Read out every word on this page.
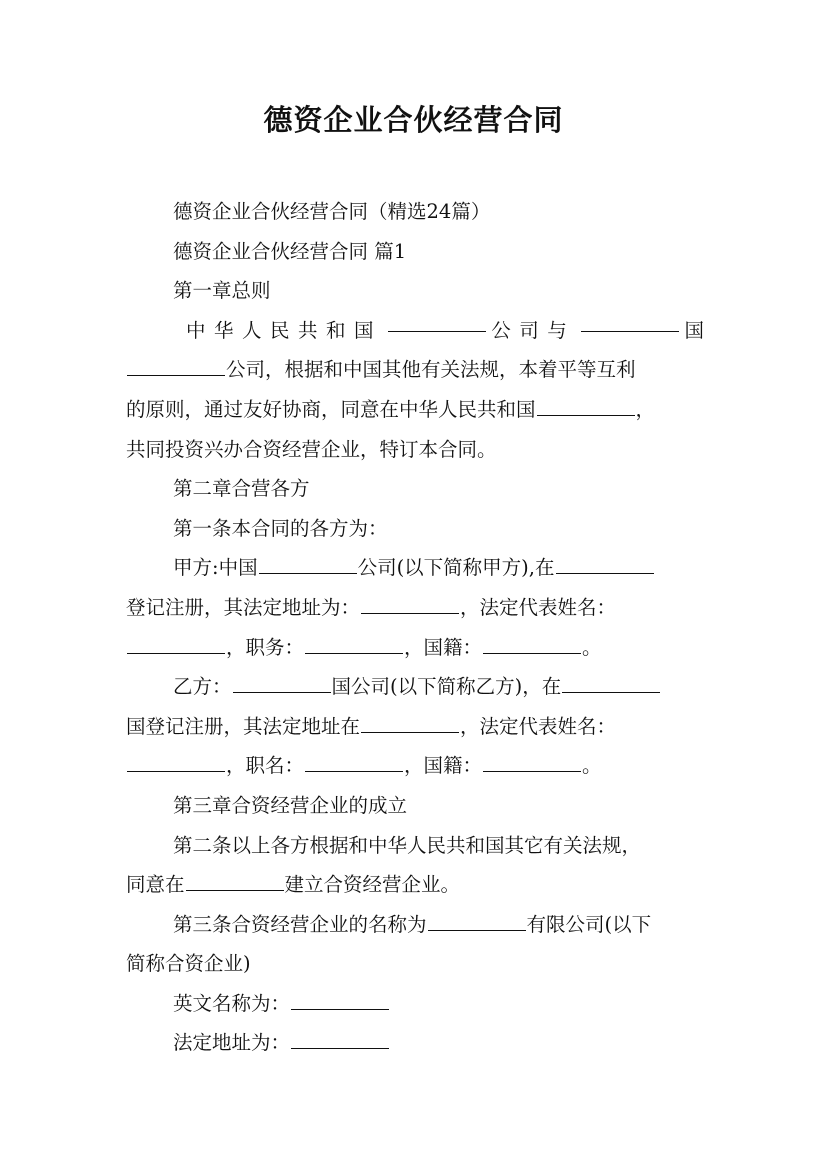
德资企业合伙经营合同
德资企业合伙经营合同（精选24篇）
德资企业合伙经营合同 篇1
第一章总则
中华人民共和国	公司与	国
公司，根据和中国其他有关法规，本着平等互利
的原则，通过友好协商，同意在中华人民共和国	，
共同投资兴办合资经营企业，特订本合同。
第二章合营各方
第一条本合同的各方为：
甲方:中国	公司(以下简称甲方),在
登记注册，其法定地址为：	，法定代表姓名：
，职务：	，国籍：	。
乙方：	国公司(以下简称乙方)，在
国登记注册，其法定地址在	，法定代表姓名：
，职名：	，国籍：	。
第三章合资经营企业的成立
第二条以上各方根据和中华人民共和国其它有关法规，
同意在	建立合资经营企业。
第三条合资经营企业的名称为	有限公司(以下
简称合资企业)
英文名称为：
法定地址为：
